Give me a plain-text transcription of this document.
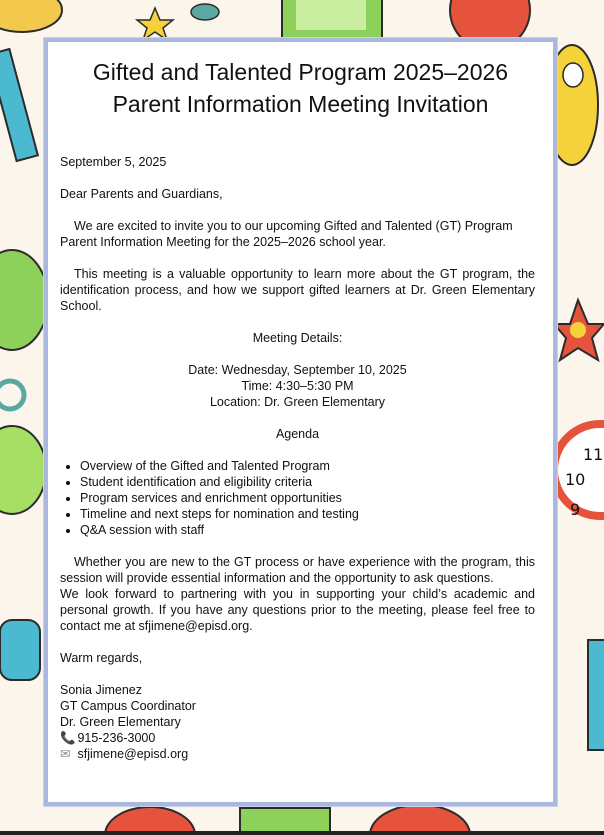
10
11
9
Gifted and Talented Program 2025–2026
Parent Information Meeting Invitation

September 5, 2025

Dear Parents and Guardians,

We are excited to invite you to our upcoming Gifted and Talented (GT) Program Parent Information Meeting for the 2025–2026 school year.

This meeting is a valuable opportunity to learn more about the GT program, the identification process, and how we support gifted learners at Dr. Green Elementary School.

Meeting Details:

Date: Wednesday, September 10, 2025

Time: 4:30–5:30 PM

Location: Dr. Green Elementary

Agenda

• Overview of the Gifted and Talented Program
• Student identification and eligibility criteria
• Program services and enrichment opportunities
• Timeline and next steps for nomination and testing
• Q&A session with staff

Whether you are new to the GT process or have experience with the program, this session will provide essential information and the opportunity to ask questions.

We look forward to partnering with you in supporting your child’s academic and personal growth. If you have any questions prior to the meeting, please feel free to contact me at sfjimene@episd.org.

Warm regards,

Sonia Jimenez

GT Campus Coordinator

Dr. Green Elementary

📞 915-236-3000

✉ sfjimene@episd.org
